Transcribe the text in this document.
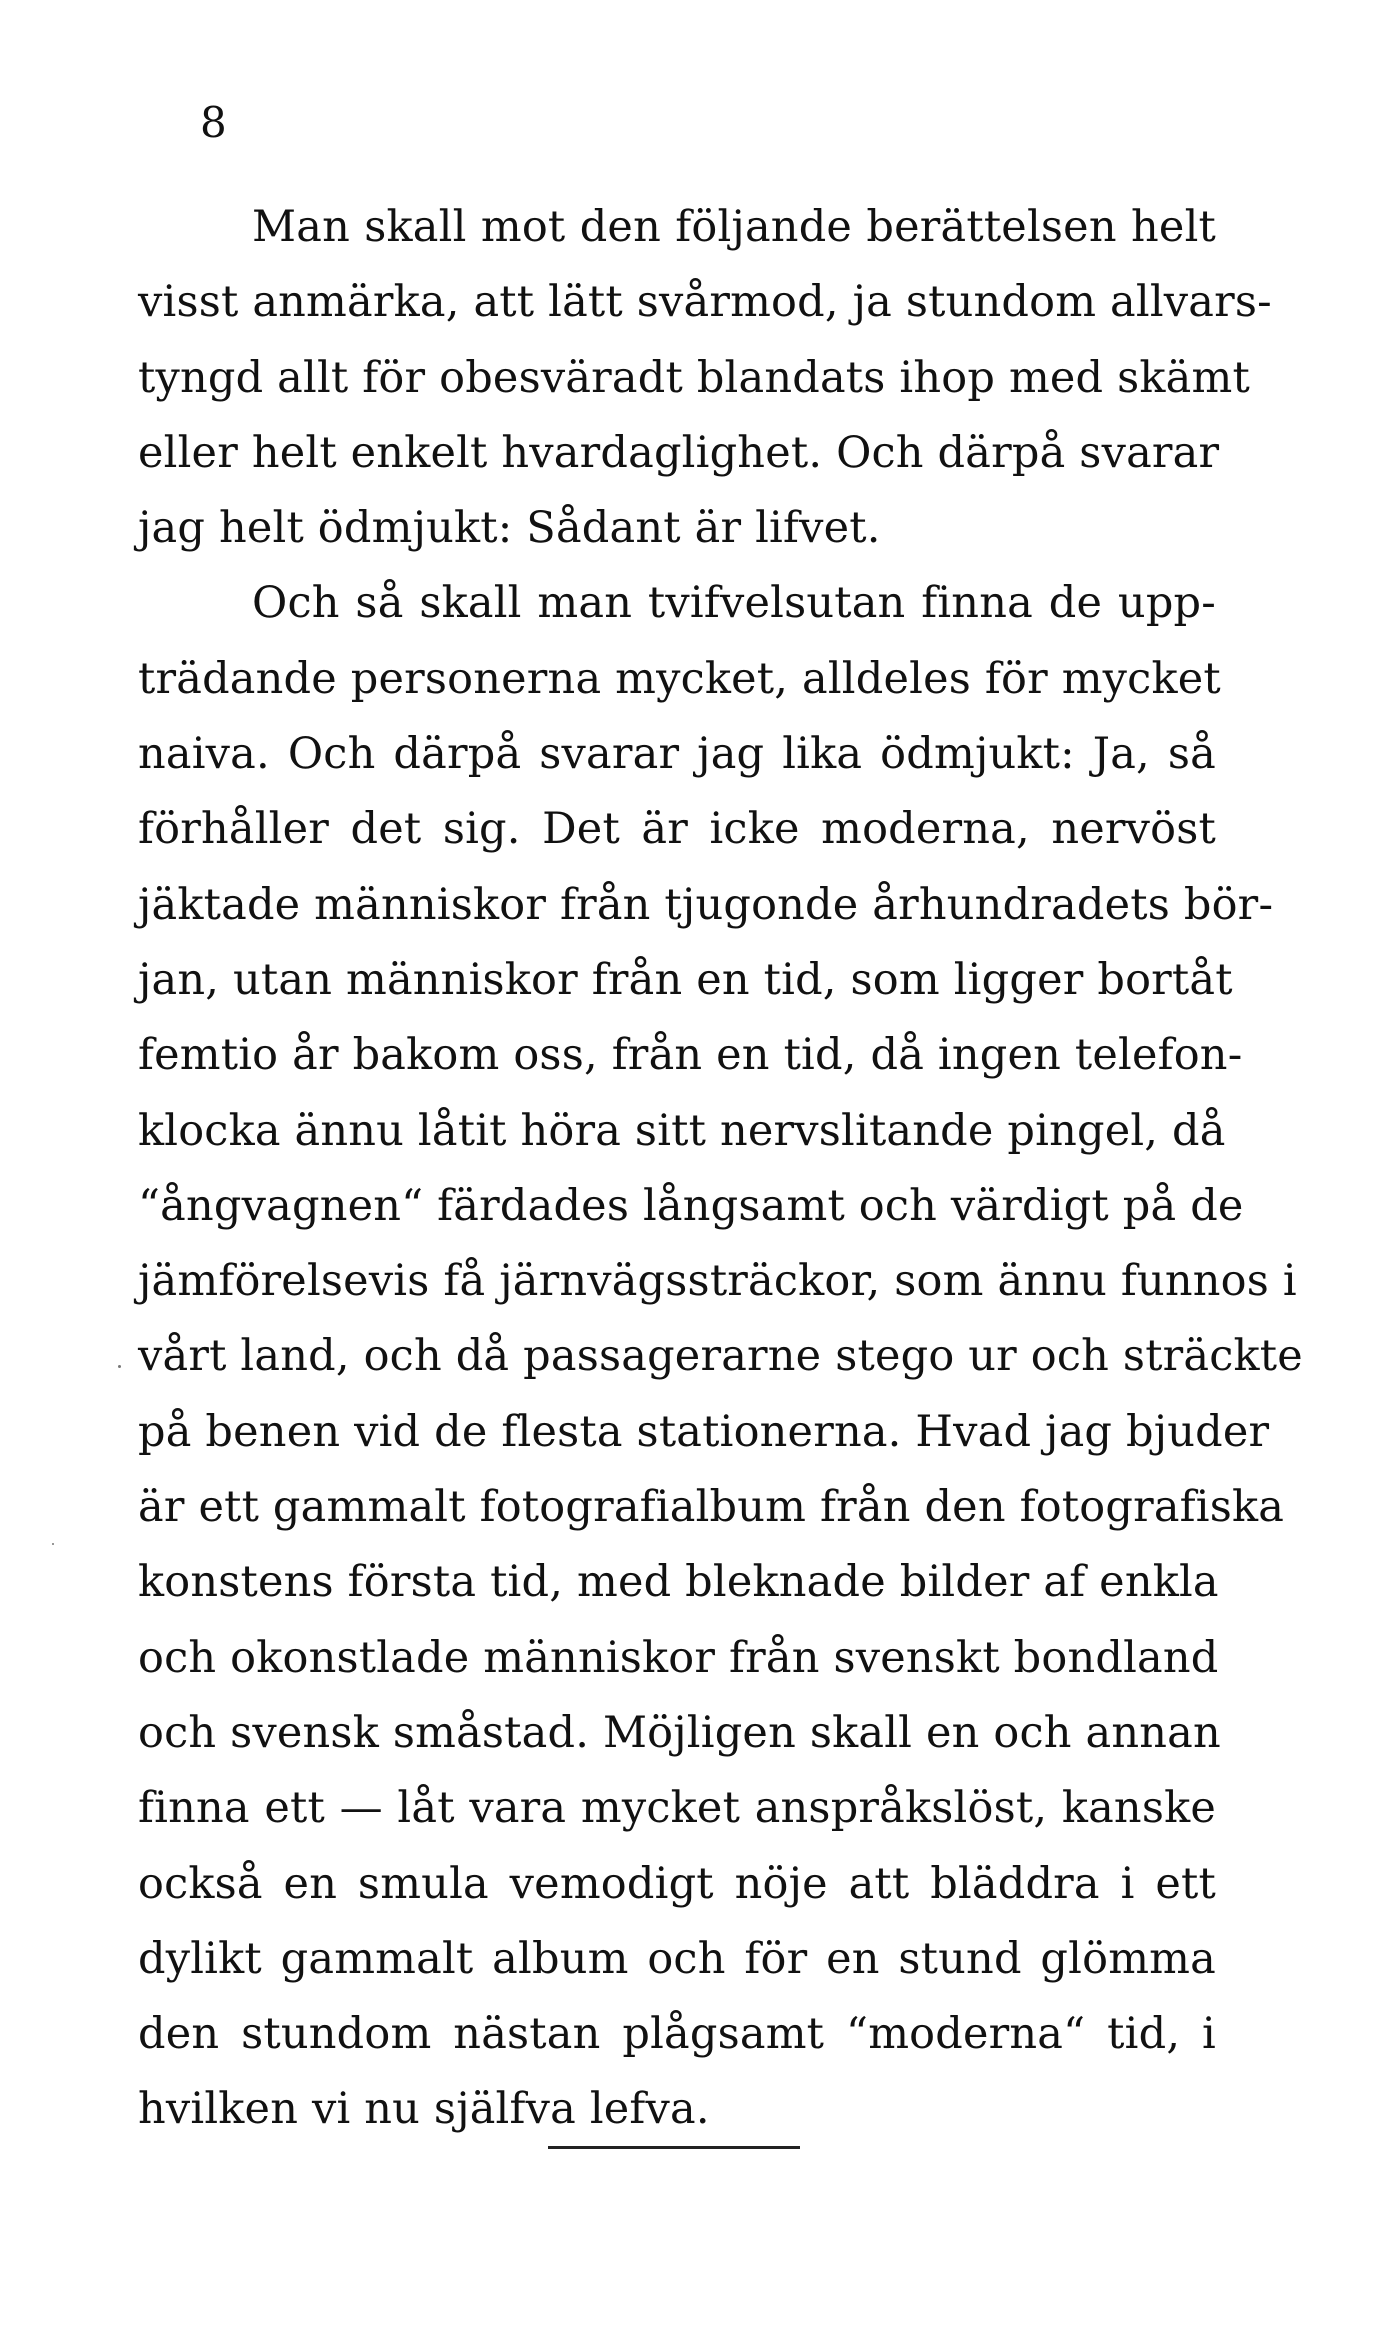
8
Man skall mot den följande berättelsen helt
visst anmärka, att lätt svårmod, ja stundom allvars-
tyngd allt för obesväradt blandats ihop med skämt
eller helt enkelt hvardaglighet. Och därpå svarar
jag helt ödmjukt: Sådant är lifvet.
Och så skall man tvifvelsutan finna de upp-
trädande personerna mycket, alldeles för mycket
naiva. Och därpå svarar jag lika ödmjukt: Ja, så
förhåller det sig. Det är icke moderna, nervöst
jäktade människor från tjugonde århundradets bör-
jan, utan människor från en tid, som ligger bortåt
femtio år bakom oss, från en tid, då ingen telefon-
klocka ännu låtit höra sitt nervslitande pingel, då
“ångvagnen“ färdades långsamt och värdigt på de
jämförelsevis få järnvägssträckor, som ännu funnos i
vårt land, och då passagerarne stego ur och sträckte
på benen vid de flesta stationerna. Hvad jag bjuder
är ett gammalt fotografialbum från den fotografiska
konstens första tid, med bleknade bilder af enkla
och okonstlade människor från svenskt bondland
och svensk småstad. Möjligen skall en och annan
finna ett — låt vara mycket anspråkslöst, kanske
också en smula vemodigt nöje att bläddra i ett
dylikt gammalt album och för en stund glömma
den stundom nästan plågsamt “moderna“ tid, i
hvilken vi nu själfva lefva.
